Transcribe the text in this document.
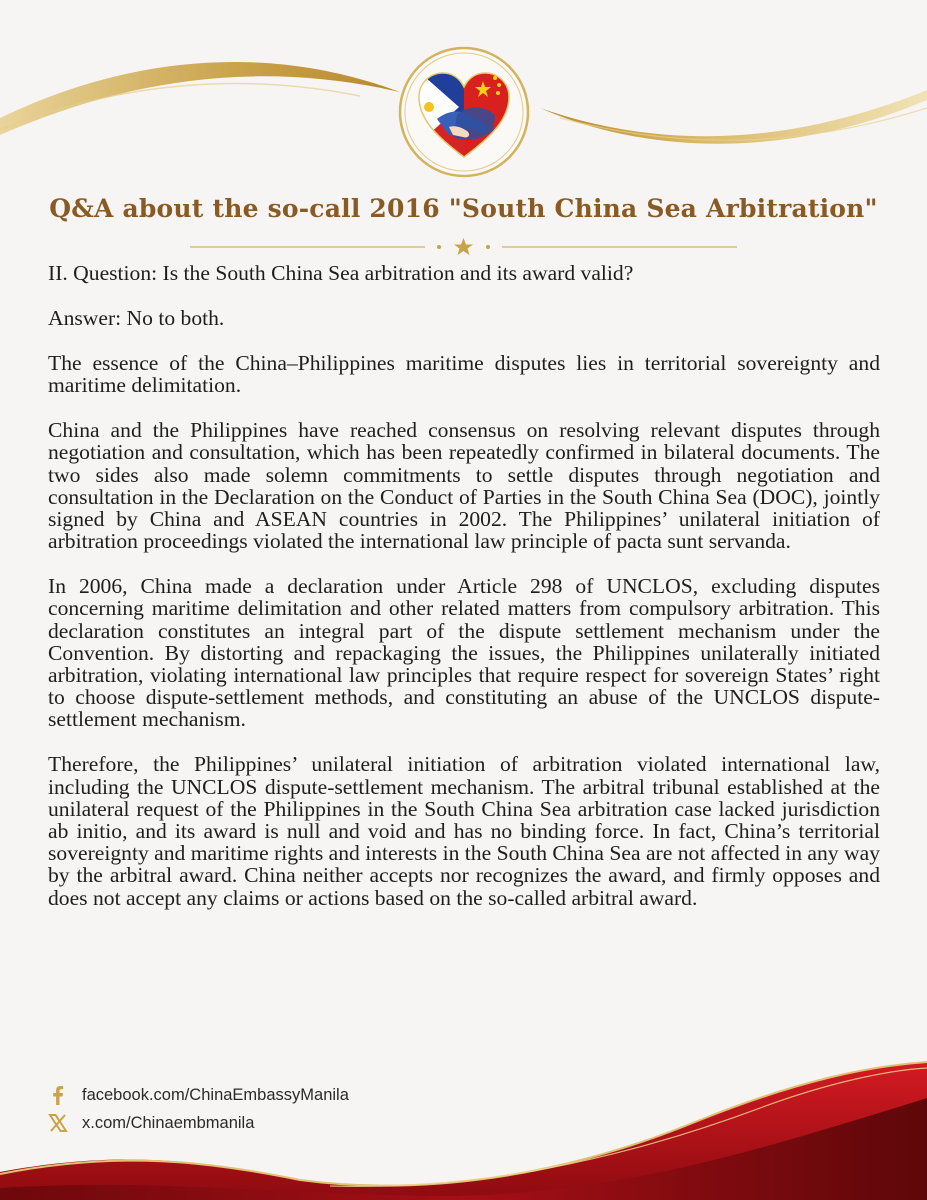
Q&A about the so-call 2016 "South China Sea Arbitration"

II. Question: Is the South China Sea arbitration and its award valid?

Answer: No to both.

The essence of the China–Philippines maritime disputes lies in territorial sovereignty and maritime delimitation.

China and the Philippines have reached consensus on resolving relevant disputes through negotiation and consultation, which has been repeatedly confirmed in bilateral documents. The two sides also made solemn commitments to settle disputes through negotiation and consultation in the Declaration on the Conduct of Parties in the South China Sea (DOC), jointly signed by China and ASEAN countries in 2002. The Philippines’ unilateral initiation of arbitration proceedings violated the international law principle of pacta sunt servanda.

In 2006, China made a declaration under Article 298 of UNCLOS, excluding disputes concerning maritime delimitation and other related matters from compulsory arbitration. This declaration constitutes an integral part of the dispute settlement mechanism under the Convention. By distorting and repackaging the issues, the Philippines unilaterally initiated arbitration, violating international law principles that require respect for sovereign States’ right to choose dispute-settlement methods, and constituting an abuse of the UNCLOS dispute-settlement mechanism.

Therefore, the Philippines’ unilateral initiation of arbitration violated international law, including the UNCLOS dispute-settlement mechanism. The arbitral tribunal established at the unilateral request of the Philippines in the South China Sea arbitration case lacked jurisdiction ab initio, and its award is null and void and has no binding force. In fact, China’s territorial sovereignty and maritime rights and interests in the South China Sea are not affected in any way by the arbitral award. China neither accepts nor recognizes the award, and firmly opposes and does not accept any claims or actions based on the so-called arbitral award.

facebook.com/ChinaEmbassyManila
x.com/Chinaembmanila
